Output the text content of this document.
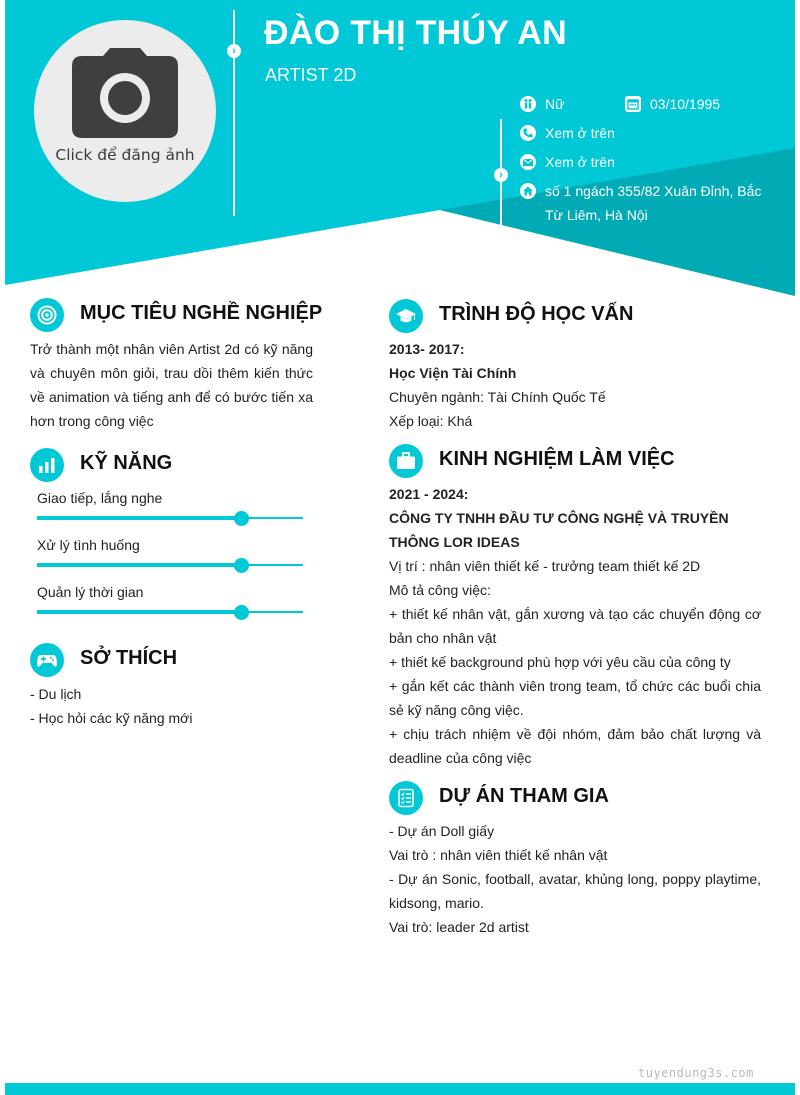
Click để đăng ảnh
›
›
ĐÀO THỊ THÚY AN
ARTIST 2D
Nữ	03/10/1995
Xem ở trên
Xem ở trên
số 1 ngách 355/82 Xuân Đỉnh, Bắc Từ Liêm, Hà Nội
MỤC TIÊU NGHỀ NGHIỆP
Trở thành một nhân viên Artist 2d có kỹ năng và chuyên môn giỏi, trau dồi thêm kiến thức về animation và tiếng anh để có bước tiến xa hơn trong công việc
KỸ NĂNG
Giao tiếp, lắng nghe
Xử lý tình huống
Quản lý thời gian
SỞ THÍCH
- Du lịch
- Học hỏi các kỹ năng mới
TRÌNH ĐỘ HỌC VẤN
2013- 2017:
Học Viện Tài Chính
Chuyên ngành: Tài Chính Quốc Tế
Xếp loại: Khá
KINH NGHIỆM LÀM VIỆC
2021 - 2024:
CÔNG TY TNHH ĐẦU TƯ CÔNG NGHỆ VÀ TRUYỀN THÔNG LOR IDEAS
Vị trí : nhân viên thiết kế - trưởng team thiết kế 2D
Mô tả công việc:
+ thiết kế nhân vật, gắn xương và tạo các chuyển động cơ bản cho nhân vật
+ thiết kế background phù hợp với yêu cầu của công ty
+ gắn kết các thành viên trong team, tổ chức các buổi chia sẻ kỹ năng công việc.
+ chịu trách nhiệm về đội nhóm, đảm bảo chất lượng và deadline của công việc
DỰ ÁN THAM GIA
- Dự án Doll giấy
Vai trò : nhân viên thiết kế nhân vật
- Dự án Sonic, football, avatar, khủng long, poppy playtime, kidsong, mario.
Vai trò: leader 2d artist
tuyendung3s.com
